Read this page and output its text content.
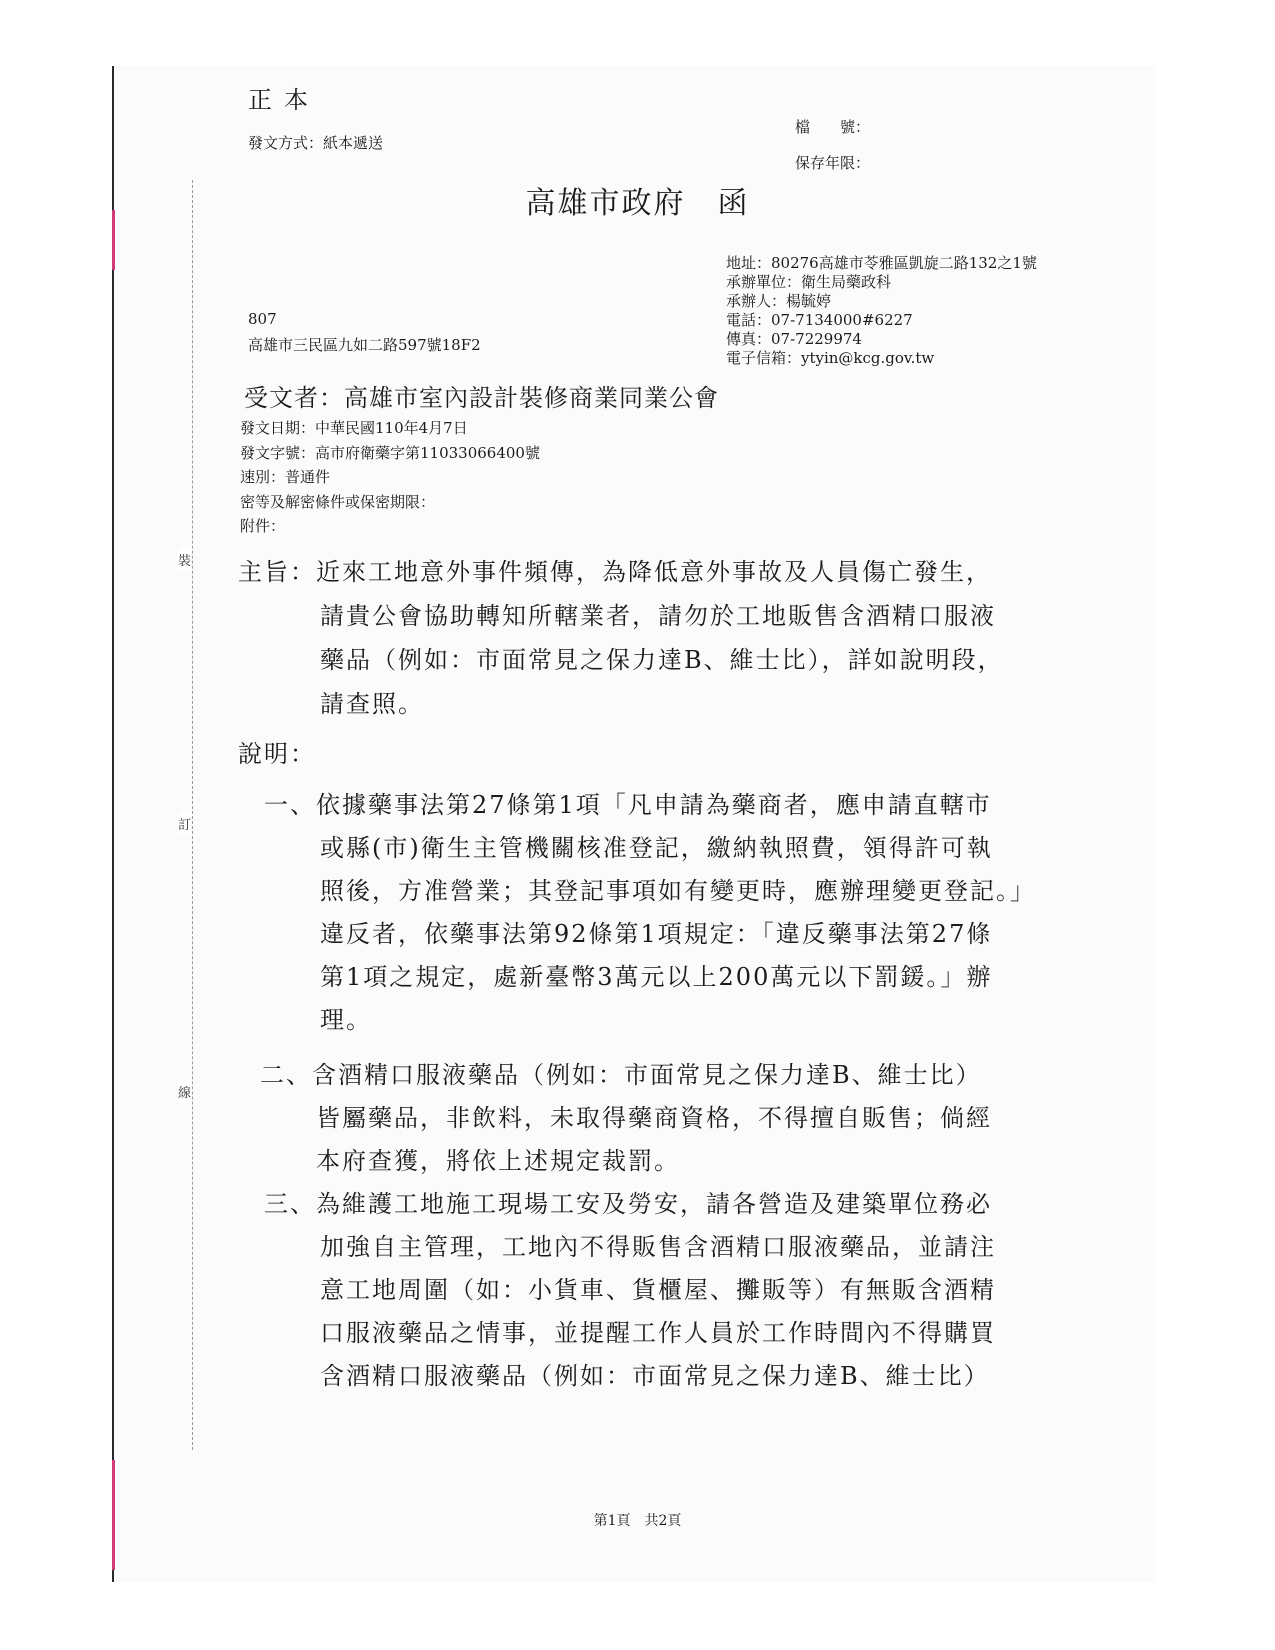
裝
訂
線
正本
發文方式：紙本遞送
檔　　號：
保存年限：
高雄市政府　函
地址：80276高雄市苓雅區凱旋二路132之1號
承辦單位：衛生局藥政科
承辦人：楊毓婷
電話：07-7134000#6227
傳真：07-7229974
電子信箱：ytyin@kcg.gov.tw
807
高雄市三民區九如二路597號18F2
受文者：高雄市室內設計裝修商業同業公會
發文日期：中華民國110年4月7日
發文字號：高市府衛藥字第11033066400號
速別：普通件
密等及解密條件或保密期限：
附件：
主旨：近來工地意外事件頻傳，為降低意外事故及人員傷亡發生，
請貴公會協助轉知所轄業者，請勿於工地販售含酒精口服液
藥品（例如：市面常見之保力達B、維士比），詳如說明段，
請查照。
說明：
一、依據藥事法第27條第1項「凡申請為藥商者，應申請直轄市
或縣(市)衛生主管機關核准登記，繳納執照費，領得許可執
照後，方准營業；其登記事項如有變更時，應辦理變更登記。」
違反者，依藥事法第92條第1項規定：「違反藥事法第27條
第1項之規定，處新臺幣3萬元以上200萬元以下罰鍰。」辦
理。
二、含酒精口服液藥品（例如：市面常見之保力達B、維士比）
皆屬藥品，非飲料，未取得藥商資格，不得擅自販售；倘經
本府查獲，將依上述規定裁罰。
三、為維護工地施工現場工安及勞安，請各營造及建築單位務必
加強自主管理，工地內不得販售含酒精口服液藥品，並請注
意工地周圍（如：小貨車、貨櫃屋、攤販等）有無販含酒精
口服液藥品之情事，並提醒工作人員於工作時間內不得購買
含酒精口服液藥品（例如：市面常見之保力達B、維士比）
第1頁　共2頁
